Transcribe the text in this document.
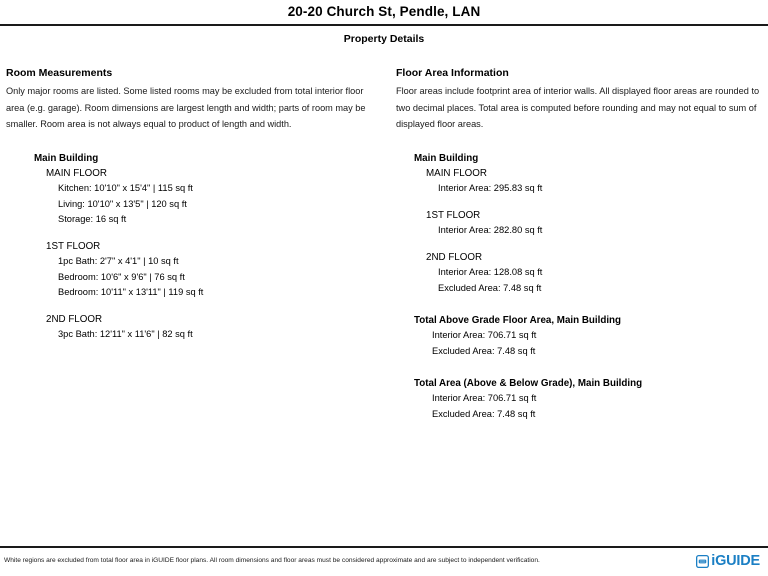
20-20 Church St, Pendle, LAN
Property Details
Room Measurements
Only major rooms are listed. Some listed rooms may be excluded from total interior floor area (e.g. garage). Room dimensions are largest length and width; parts of room may be smaller. Room area is not always equal to product of length and width.
Main Building
MAIN FLOOR
Kitchen: 10'10" x 15'4" | 115 sq ft
Living: 10'10" x 13'5" | 120 sq ft
Storage: 16 sq ft
1ST FLOOR
1pc Bath: 2'7" x 4'1" | 10 sq ft
Bedroom: 10'6" x 9'6" | 76 sq ft
Bedroom: 10'11" x 13'11" | 119 sq ft
2ND FLOOR
3pc Bath: 12'11" x 11'6" | 82 sq ft
Floor Area Information
Floor areas include footprint area of interior walls. All displayed floor areas are rounded to two decimal places. Total area is computed before rounding and may not equal to sum of displayed floor areas.
Main Building
MAIN FLOOR
Interior Area: 295.83 sq ft
1ST FLOOR
Interior Area: 282.80 sq ft
2ND FLOOR
Interior Area: 128.08 sq ft
Excluded Area: 7.48 sq ft
Total Above Grade Floor Area, Main Building
Interior Area: 706.71 sq ft
Excluded Area: 7.48 sq ft
Total Area (Above & Below Grade), Main Building
Interior Area: 706.71 sq ft
Excluded Area: 7.48 sq ft
White regions are excluded from total floor area in iGUIDE floor plans. All room dimensions and floor areas must be considered approximate and are subject to independent verification.	iGUIDE
